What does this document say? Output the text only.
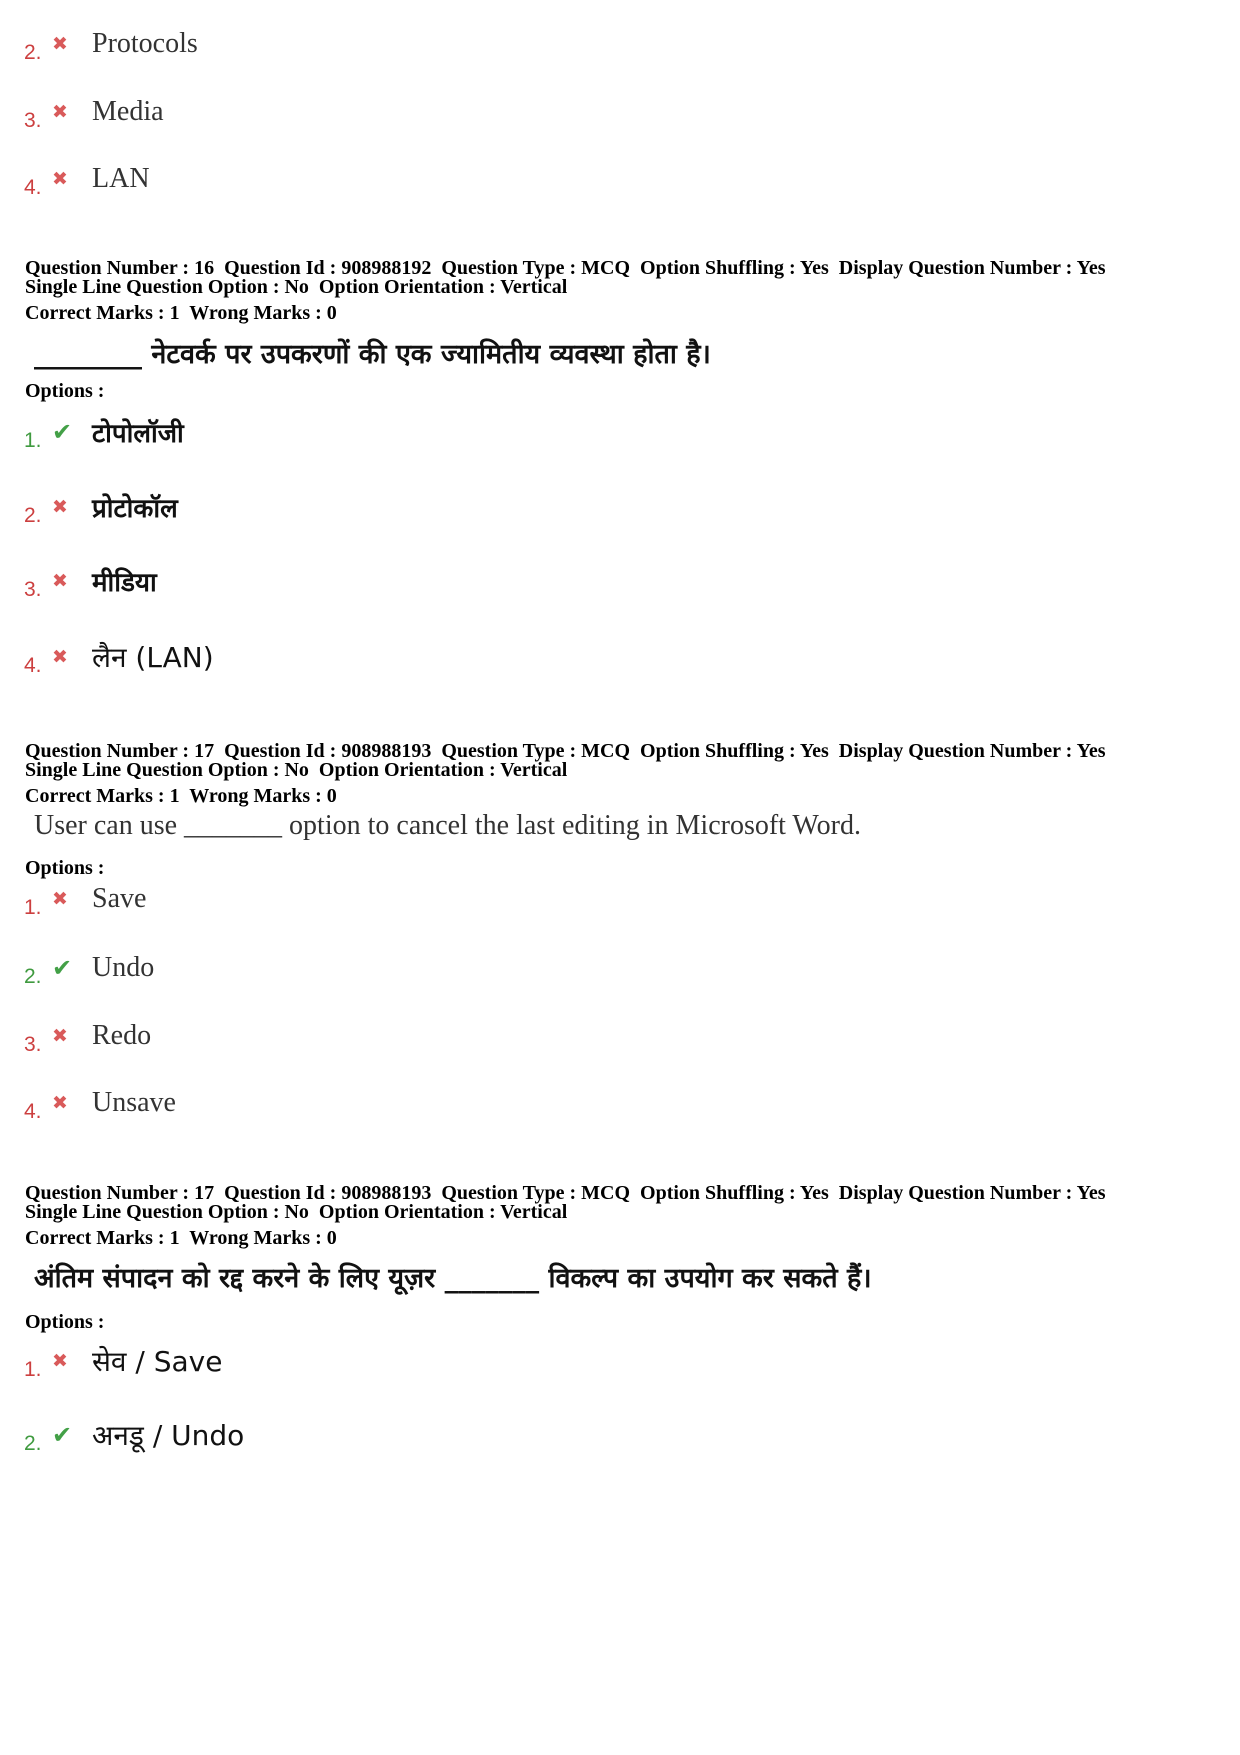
2. ✖ Protocols
3. ✖ Media
4. ✖ LAN
Question Number : 16  Question Id : 908988192  Question Type : MCQ  Option Shuffling : Yes  Display Question Number : Yes
Single Line Question Option : No  Option Orientation : Vertical
Correct Marks : 1  Wrong Marks : 0
________ नेटवर्क पर उपकरणों की एक ज्यामितीय व्यवस्था होता है।
Options :
1. ✔ टोपोलॉजी
2. ✖ प्रोटोकॉल
3. ✖ मीडिया
4. ✖ लैन (LAN)
Question Number : 17  Question Id : 908988193  Question Type : MCQ  Option Shuffling : Yes  Display Question Number : Yes
Single Line Question Option : No  Option Orientation : Vertical
Correct Marks : 1  Wrong Marks : 0
User can use _______ option to cancel the last editing in Microsoft Word.
Options :
1. ✖ Save
2. ✔ Undo
3. ✖ Redo
4. ✖ Unsave
Question Number : 17  Question Id : 908988193  Question Type : MCQ  Option Shuffling : Yes  Display Question Number : Yes
Single Line Question Option : No  Option Orientation : Vertical
Correct Marks : 1  Wrong Marks : 0
अंतिम संपादन को रद्द करने के लिए यूज़र _______ विकल्प का उपयोग कर सकते हैं।
Options :
1. ✖ सेव / Save
2. ✔ अनडू / Undo
